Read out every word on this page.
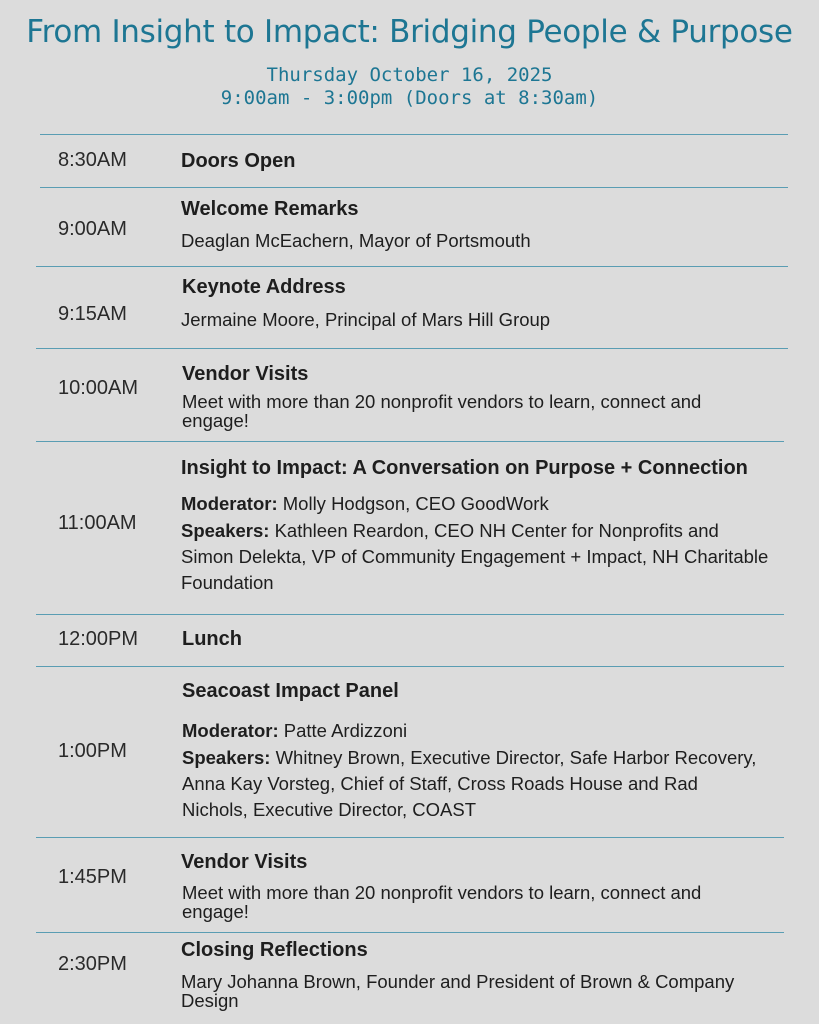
From Insight to Impact: Bridging People & Purpose
Thursday October 16, 2025
9:00am - 3:00pm (Doors at 8:30am)
8:30AM	Doors Open
9:00AM
Welcome Remarks
Deaglan McEachern, Mayor of Portsmouth
9:15AM
Keynote Address
Jermaine Moore, Principal of Mars Hill Group
10:00AM
Vendor Visits
Meet with more than 20 nonprofit vendors to learn, connect and engage!
11:00AM
Insight to Impact: A Conversation on Purpose + Connection
Moderator: Molly Hodgson, CEO GoodWork
Speakers: Kathleen Reardon, CEO NH Center for Nonprofits and Simon Delekta, VP of Community Engagement + Impact, NH Charitable Foundation
12:00PM Lunch
1:00PM
Seacoast Impact Panel
Moderator: Patte Ardizzoni
Speakers: Whitney Brown, Executive Director, Safe Harbor Recovery, Anna Kay Vorsteg, Chief of Staff, Cross Roads House and Rad Nichols, Executive Director, COAST
1:45PM
Vendor Visits
Meet with more than 20 nonprofit vendors to learn, connect and engage!
2:30PM
Closing Reflections
Mary Johanna Brown, Founder and President of Brown & Company Design
